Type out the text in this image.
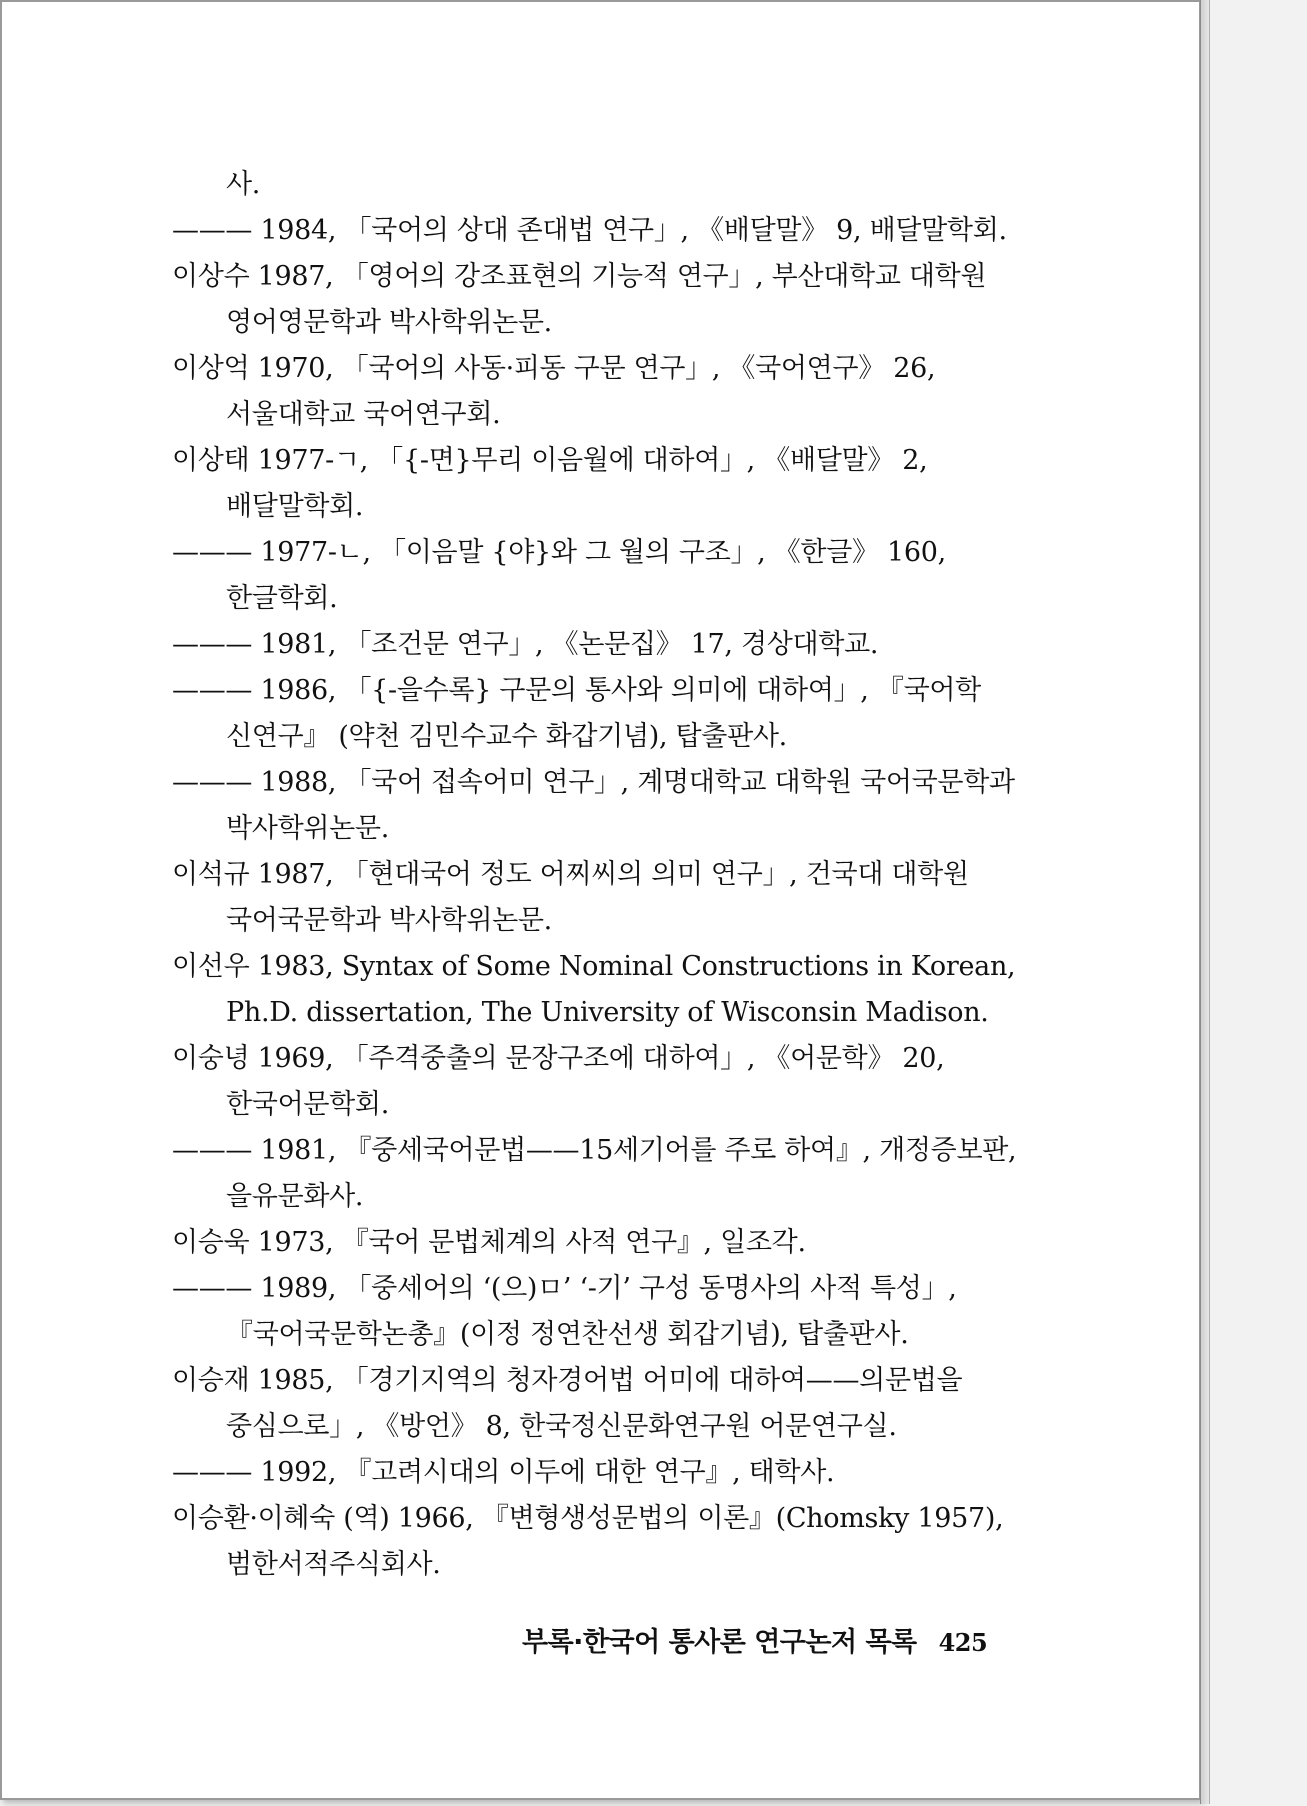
사.
——— 1984, 「국어의 상대 존대법 연구」, 《배달말》 9, 배달말학회.
이상수 1987, 「영어의 강조표현의 기능적 연구」, 부산대학교 대학원 영어영문학과 박사학위논문.
이상억 1970, 「국어의 사동·피동 구문 연구」, 《국어연구》 26, 서울대학교 국어연구회.
이상태 1977-ㄱ, 「{-면}무리 이음월에 대하여」, 《배달말》 2, 배달말학회.
——— 1977-ㄴ, 「이음말 {야}와 그 월의 구조」, 《한글》 160, 한글학회.
——— 1981, 「조건문 연구」, 《논문집》 17, 경상대학교.
——— 1986, 「{-을수록} 구문의 통사와 의미에 대하여」, 『국어학 신연구』 (약천 김민수교수 화갑기념), 탑출판사.
——— 1988, 「국어 접속어미 연구」, 계명대학교 대학원 국어국문학과 박사학위논문.
이석규 1987, 「현대국어 정도 어찌씨의 의미 연구」, 건국대 대학원 국어국문학과 박사학위논문.
이선우 1983, Syntax of Some Nominal Constructions in Korean, Ph.D. dissertation, The University of Wisconsin Madison.
이숭녕 1969, 「주격중출의 문장구조에 대하여」, 《어문학》 20, 한국어문학회.
——— 1981, 『중세국어문법——15세기어를 주로 하여』, 개정증보판, 을유문화사.
이승욱 1973, 『국어 문법체계의 사적 연구』, 일조각.
——— 1989, 「중세어의 ‘(으)ㅁ’ ‘-기’ 구성 동명사의 사적 특성」, 『국어국문학논총』(이정 정연찬선생 회갑기념), 탑출판사.
이승재 1985, 「경기지역의 청자경어법 어미에 대하여——의문법을 중심으로」, 《방언》 8, 한국정신문화연구원 어문연구실.
——— 1992, 『고려시대의 이두에 대한 연구』, 태학사.
이승환·이혜숙 (역) 1966, 『변형생성문법의 이론』(Chomsky 1957), 범한서적주식회사.
부록·한국어 통사론 연구논저 목록 425
